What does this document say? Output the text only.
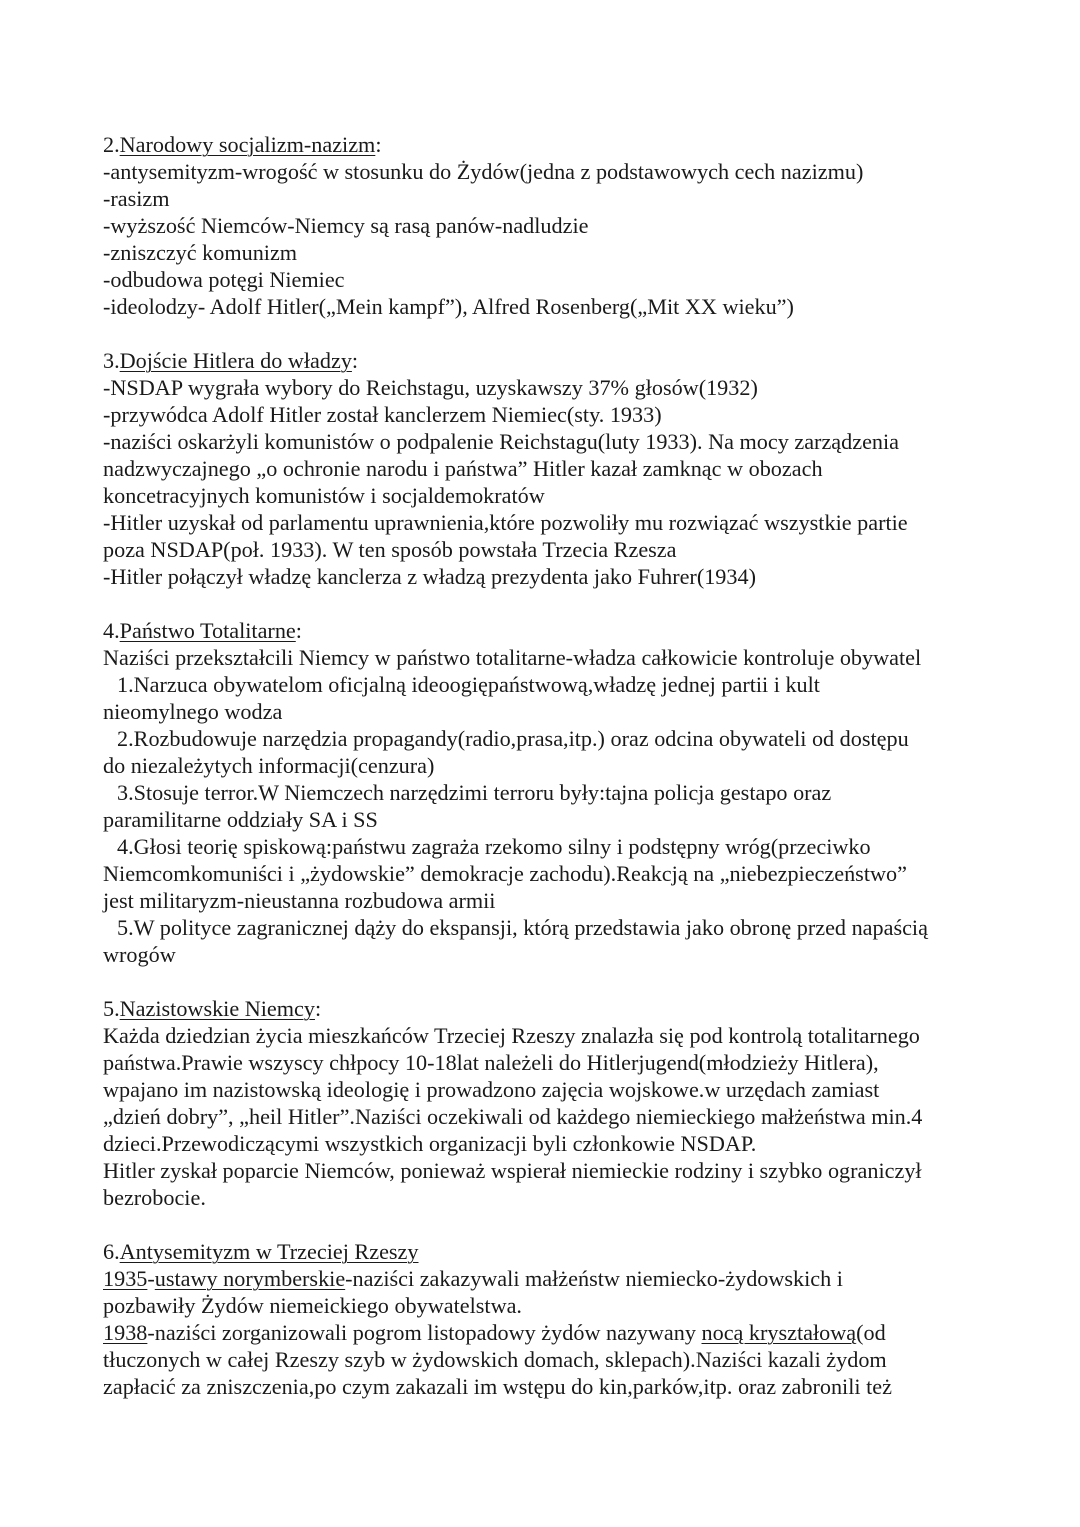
2.Narodowy socjalizm-nazizm:
-antysemityzm-wrogość w stosunku do Żydów(jedna z podstawowych cech nazizmu)
-rasizm
-wyższość Niemców-Niemcy są rasą panów-nadludzie
-zniszczyć komunizm
-odbudowa potęgi Niemiec
-ideolodzy- Adolf Hitler(„Mein kampf”), Alfred Rosenberg(„Mit XX wieku”)
3.Dojście Hitlera do władzy:
-NSDAP wygrała wybory do Reichstagu, uzyskawszy 37% głosów(1932)
-przywódca Adolf Hitler został kanclerzem Niemiec(sty. 1933)
-naziści oskarżyli komunistów o podpalenie Reichstagu(luty 1933). Na mocy zarządzenia
nadzwyczajnego „o ochronie narodu i państwa” Hitler kazał zamknąc w obozach
koncetracyjnych komunistów i socjaldemokratów
-Hitler uzyskał od parlamentu uprawnienia,które pozwoliły mu rozwiązać wszystkie partie
poza NSDAP(poł. 1933). W ten sposób powstała Trzecia Rzesza
-Hitler połączył władzę kanclerza z władzą prezydenta jako Fuhrer(1934)
4.Państwo Totalitarne:
Naziści przekształcili Niemcy w państwo totalitarne-władza całkowicie kontroluje obywatel
1.Narzuca obywatelom oficjalną ideoogiępaństwową,władzę jednej partii i kult
nieomylnego wodza
2.Rozbudowuje narzędzia propagandy(radio,prasa,itp.) oraz odcina obywateli od dostępu
do niezależytych informacji(cenzura)
3.Stosuje terror.W Niemczech narzędzimi terroru były:tajna policja gestapo oraz
paramilitarne oddziały SA i SS
4.Głosi teorię spiskową:państwu zagraża rzekomo silny i podstępny wróg(przeciwko
Niemcomkomuniści i „żydowskie” demokracje zachodu).Reakcją na „niebezpieczeństwo”
jest militaryzm-nieustanna rozbudowa armii
5.W polityce zagranicznej dąży do ekspansji, którą przedstawia jako obronę przed napaścią
wrogów
5.Nazistowskie Niemcy:
Każda dziedzian życia mieszkańców Trzeciej Rzeszy znalazła się pod kontrolą totalitarnego
państwa.Prawie wszyscy chłpocy 10-18lat należeli do Hitlerjugend(młodzieży Hitlera),
wpajano im nazistowską ideologię i prowadzono zajęcia wojskowe.w urzędach zamiast
„dzień dobry”, „heil Hitler”.Naziści oczekiwali od każdego niemieckiego małżeństwa min.4
dzieci.Przewodiczącymi wszystkich organizacji byli członkowie NSDAP.
Hitler zyskał poparcie Niemców, ponieważ wspierał niemieckie rodziny i szybko ograniczył
bezrobocie.
6.Antysemityzm w Trzeciej Rzeszy
1935-ustawy norymberskie-naziści zakazywali małżeństw niemiecko-żydowskich i
pozbawiły Żydów niemeickiego obywatelstwa.
1938-naziści zorganizowali pogrom listopadowy żydów nazywany nocą kryształową(od
tłuczonych w całej Rzeszy szyb w żydowskich domach, sklepach).Naziści kazali żydom
zapłacić za zniszczenia,po czym zakazali im wstępu do kin,parków,itp. oraz zabronili też
